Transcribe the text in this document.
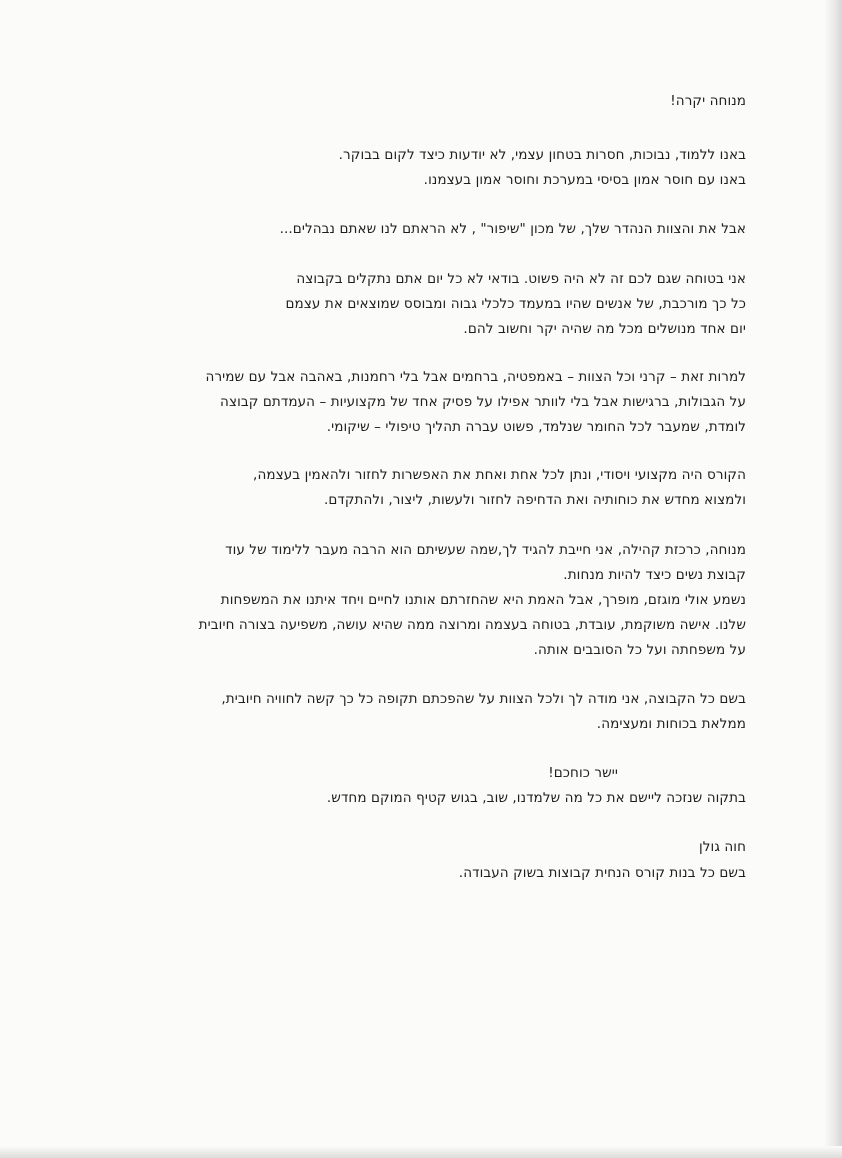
מנוחה יקרה!
באנו ללמוד, נבוכות, חסרות בטחון עצמי, לא יודעות כיצד לקום בבוקר.
באנו עם חוסר אמון בסיסי במערכת וחוסר אמון בעצמנו.
אבל את והצוות הנהדר שלך, של מכון "שיפור" , לא הראתם לנו שאתם נבהלים...
אני בטוחה שגם לכם זה לא היה פשוט. בודאי לא כל יום אתם נתקלים בקבוצה
כל כך מורכבת, של אנשים שהיו במעמד כלכלי גבוה ומבוסס שמוצאים את עצמם
יום אחד מנושלים מכל מה שהיה יקר וחשוב להם.
למרות זאת – קרני וכל הצוות – באמפטיה, ברחמים אבל בלי רחמנות, באהבה אבל עם שמירה
על הגבולות, ברגישות אבל בלי לוותר אפילו על פסיק אחד של מקצועיות – העמדתם קבוצה
לומדת, שמעבר לכל החומר שנלמד, פשוט עברה תהליך טיפולי – שיקומי.
הקורס היה מקצועי ויסודי, ונתן לכל אחת ואחת את האפשרות לחזור ולהאמין בעצמה,
ולמצוא מחדש את כוחותיה ואת הדחיפה לחזור ולעשות, ליצור, ולהתקדם.
מנוחה, כרכזת קהילה, אני חייבת להגיד לך,שמה שעשיתם הוא הרבה מעבר ללימוד של עוד
קבוצת נשים כיצד להיות מנחות.
נשמע אולי מוגזם, מופרך, אבל האמת היא שהחזרתם אותנו לחיים ויחד איתנו את המשפחות
שלנו. אישה משוקמת, עובדת, בטוחה בעצמה ומרוצה ממה שהיא עושה, משפיעה בצורה חיובית
על משפחתה ועל כל הסובבים אותה.
בשם כל הקבוצה, אני מודה לך ולכל הצוות על שהפכתם תקופה כל כך קשה לחוויה חיובית,
ממלאת בכוחות ומעצימה.
יישר כוחכם!
בתקוה שנזכה ליישם את כל מה שלמדנו, שוב, בגוש קטיף המוקם מחדש.
חוה גולן
בשם כל בנות קורס הנחית קבוצות בשוק העבודה.
